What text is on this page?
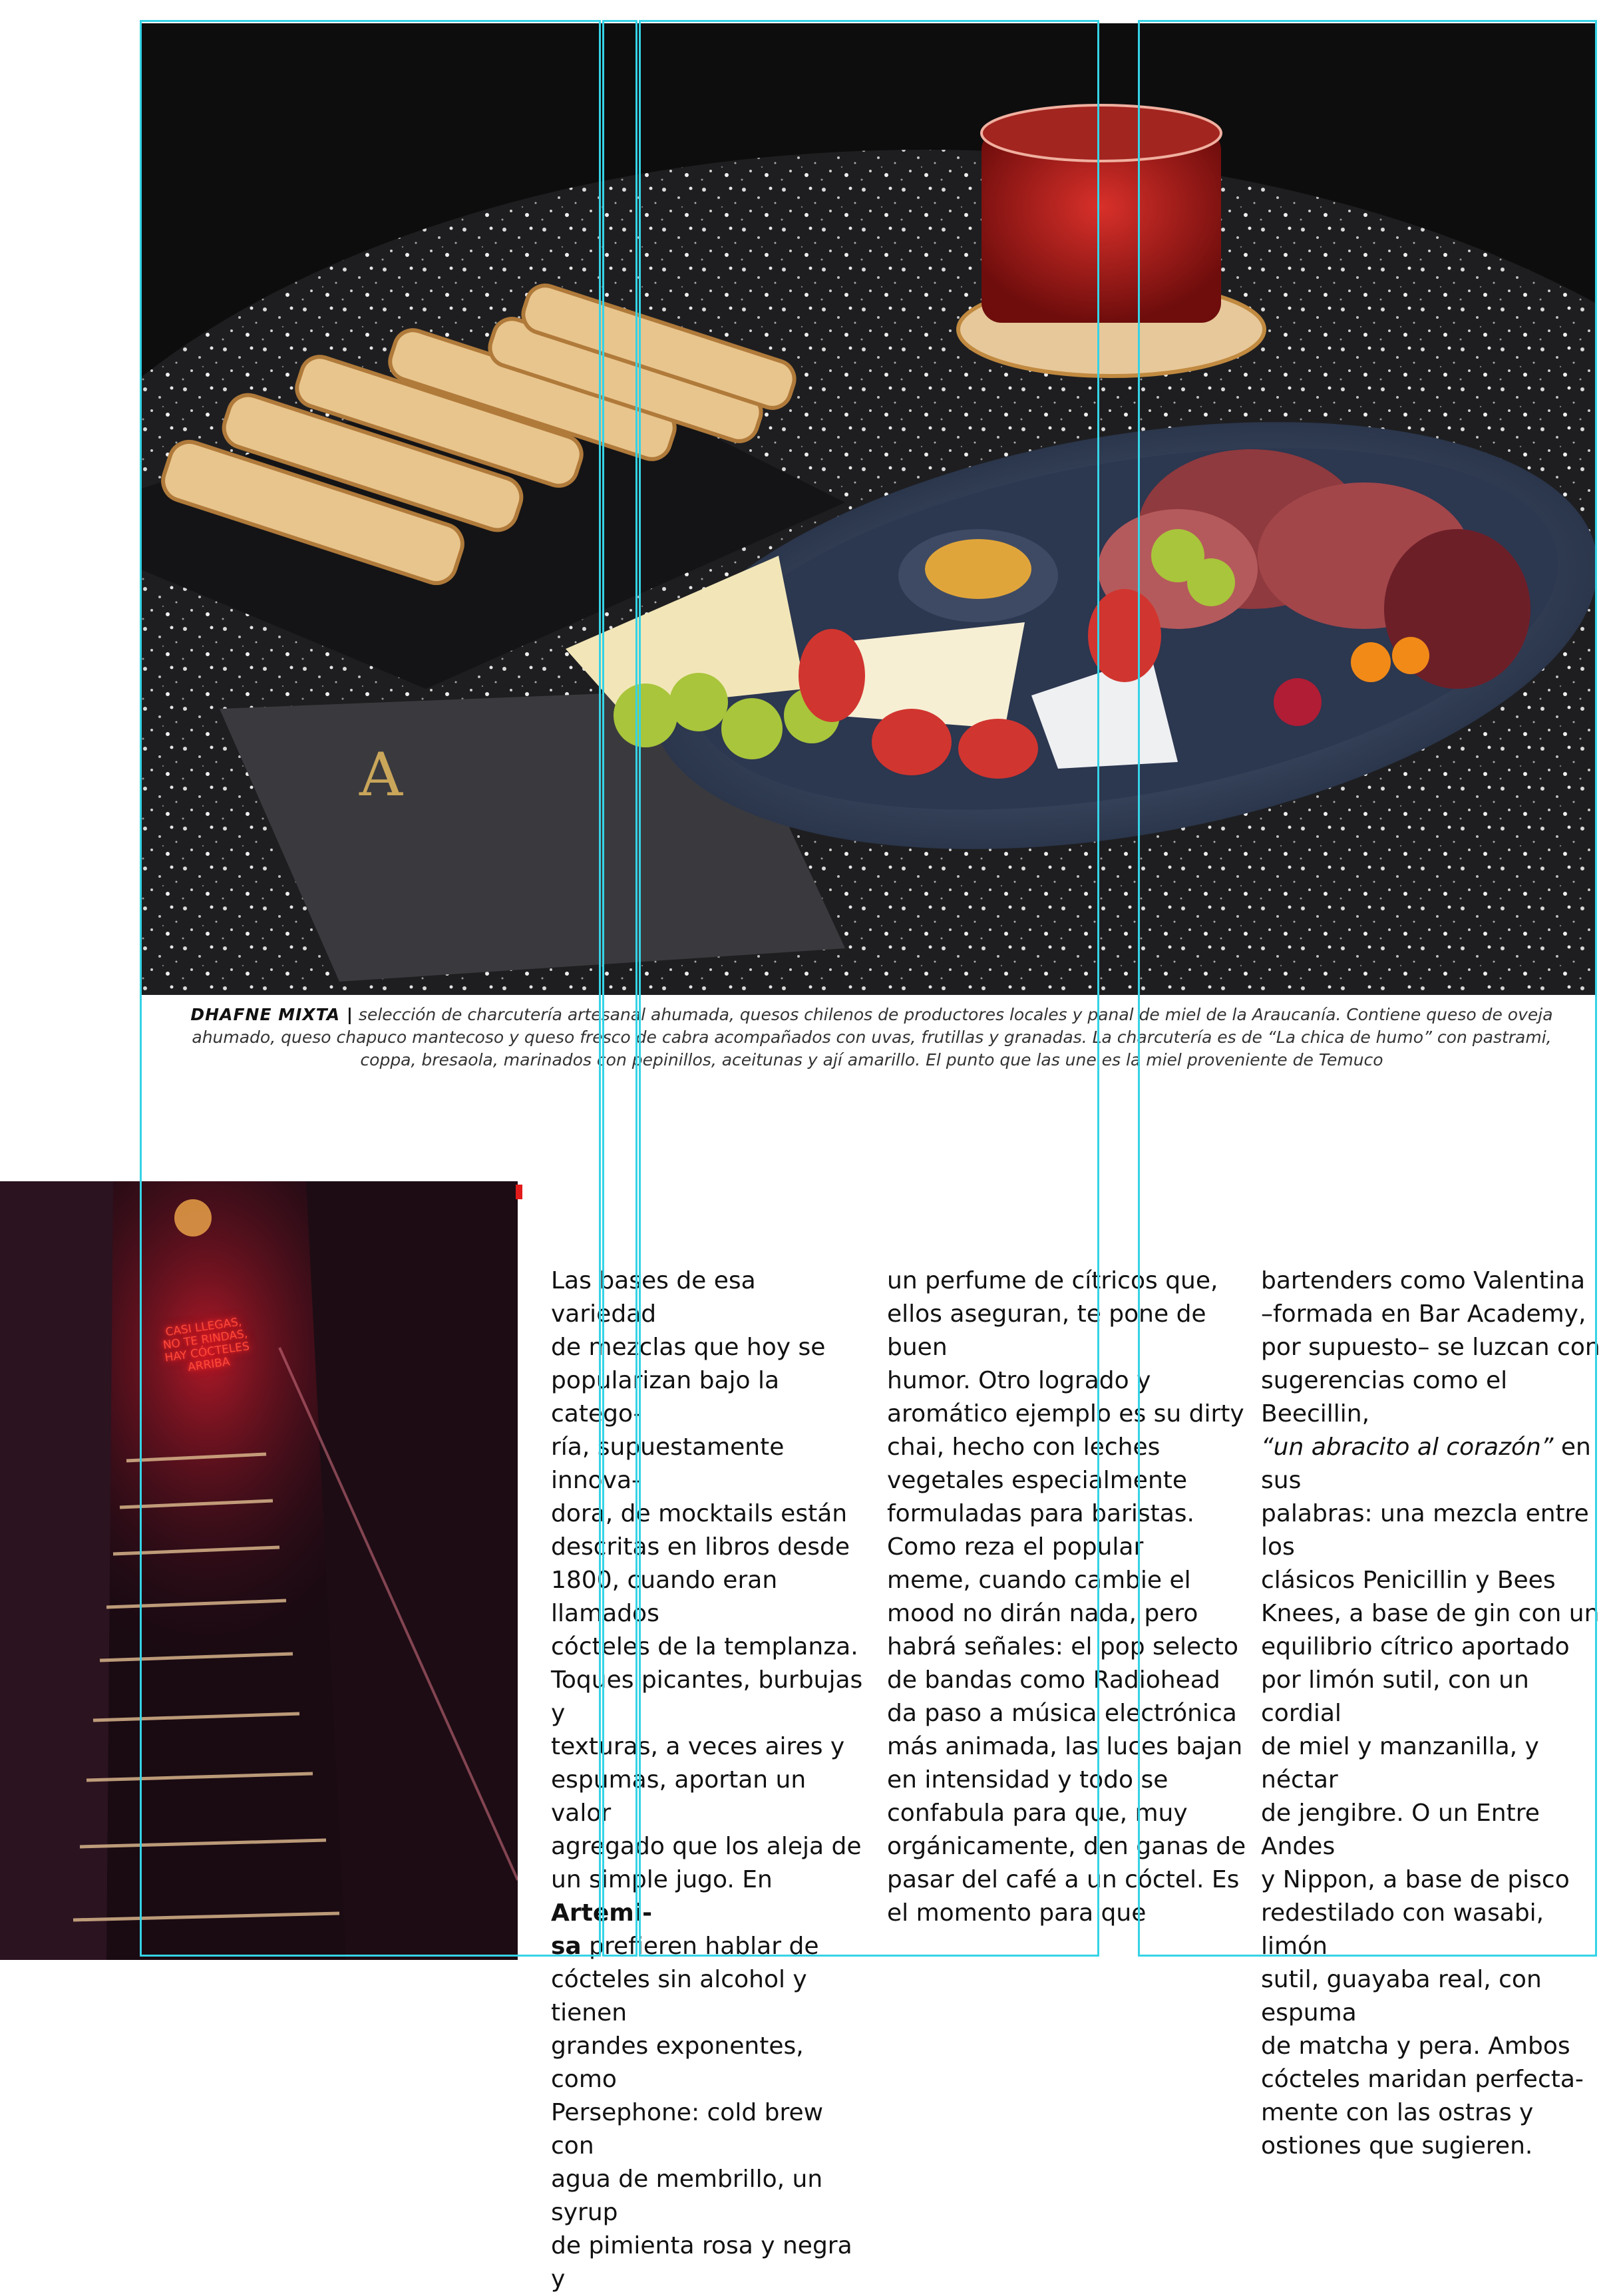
A
CASI LLEGAS,
NO TE RINDAS,
HAY CÓCTELES
ARRIBA
DHAFNE MIXTA | selección de charcutería artesanal ahumada, quesos chilenos de productores locales y panal de miel de la Araucanía. Contiene queso de oveja ahumado, queso chapuco mantecoso y queso fresco de cabra acompañados con uvas, frutillas y granadas. La charcutería es de “La chica de humo” con pastrami, coppa, bresaola, marinados con pepinillos, aceitunas y ají amarillo. El punto que las une es la miel proveniente de Temuco
Las bases de esa variedad
de mezclas que hoy se
popularizan bajo la catego-
ría, supuestamente innova-
dora, de mocktails están
descritas en libros desde
1800, cuando eran llamados
cócteles de la templanza.
Toques picantes, burbujas y
texturas, a veces aires y
espumas, aportan un valor
agregado que los aleja de
un simple jugo. En Artemi-
sa prefieren hablar de
cócteles sin alcohol y tienen
grandes exponentes, como
Persephone: cold brew con
agua de membrillo, un syrup
de pimienta rosa y negra y
un perfume de cítricos que,
ellos aseguran, te pone de buen
humor. Otro logrado y
aromático ejemplo es su dirty
chai, hecho con leches
vegetales especialmente
formuladas para baristas.
Como reza el popular
meme, cuando cambie el
mood no dirán nada, pero
habrá señales: el pop selecto
de bandas como Radiohead
da paso a música electrónica
más animada, las luces bajan
en intensidad y todo se
confabula para que, muy
orgánicamente, den ganas de
pasar del café a un cóctel. Es
el momento para que
bartenders como Valentina
–formada en Bar Academy,
por supuesto– se luzcan con
sugerencias como el Beecillin,
“un abracito al corazón” en sus
palabras: una mezcla entre los
clásicos Penicillin y Bees
Knees, a base de gin con un
equilibrio cítrico aportado
por limón sutil, con un cordial
de miel y manzanilla, y néctar
de jengibre. O un Entre Andes
y Nippon, a base de pisco
redestilado con wasabi, limón
sutil, guayaba real, con espuma
de matcha y pera. Ambos
cócteles maridan perfecta-
mente con las ostras y
ostiones que sugieren.
